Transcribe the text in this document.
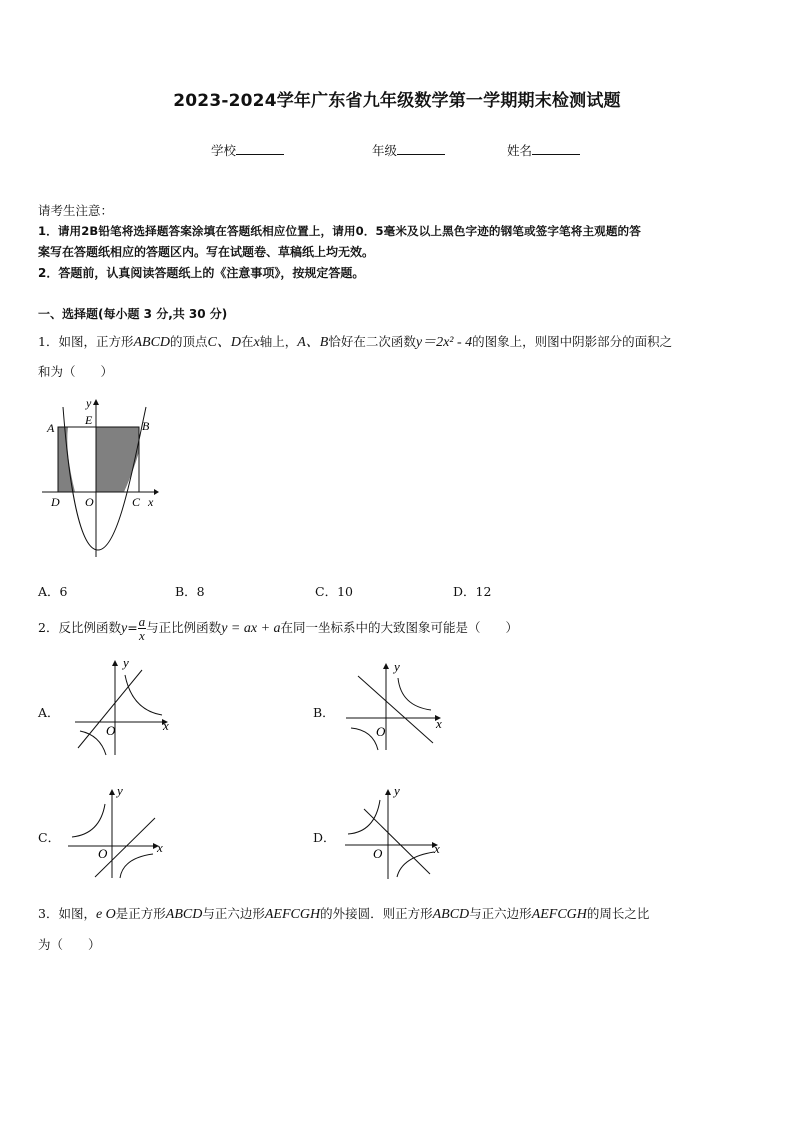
2023-2024学年广东省九年级数学第一学期期末检测试题
学校	年级	姓名
请考生注意：
1．请用2B铅笔将选择题答案涂填在答题纸相应位置上，请用0．5毫米及以上黑色字迹的钢笔或签字笔将主观题的答
案写在答题纸相应的答题区内。写在试题卷、草稿纸上均无效。
2．答题前，认真阅读答题纸上的《注意事项》，按规定答题。
一、选择题(每小题 3 分,共 30 分)
1．如图，正方形ABCD的顶点C、D在x轴上，A、B恰好在二次函数y＝2x² - 4的图象上，则图中阴影部分的面积之
和为（　　）
A
E	B
D O	C x
y
A．6	B．8	C．10	D．12
2．反比例函数$y= \frac{a}{x}$ 与正比例函数y = ax + a在同一坐标系中的大致图象可能是（　　）
A．
x
y
O
B．
x
y
O
C．
x
y
O
D．
x
y
O
3．如图，e O是正方形ABCD与正六边形AEFCGH的外接圆．则正方形ABCD与正六边形AEFCGH的周长之比
为（　　）
